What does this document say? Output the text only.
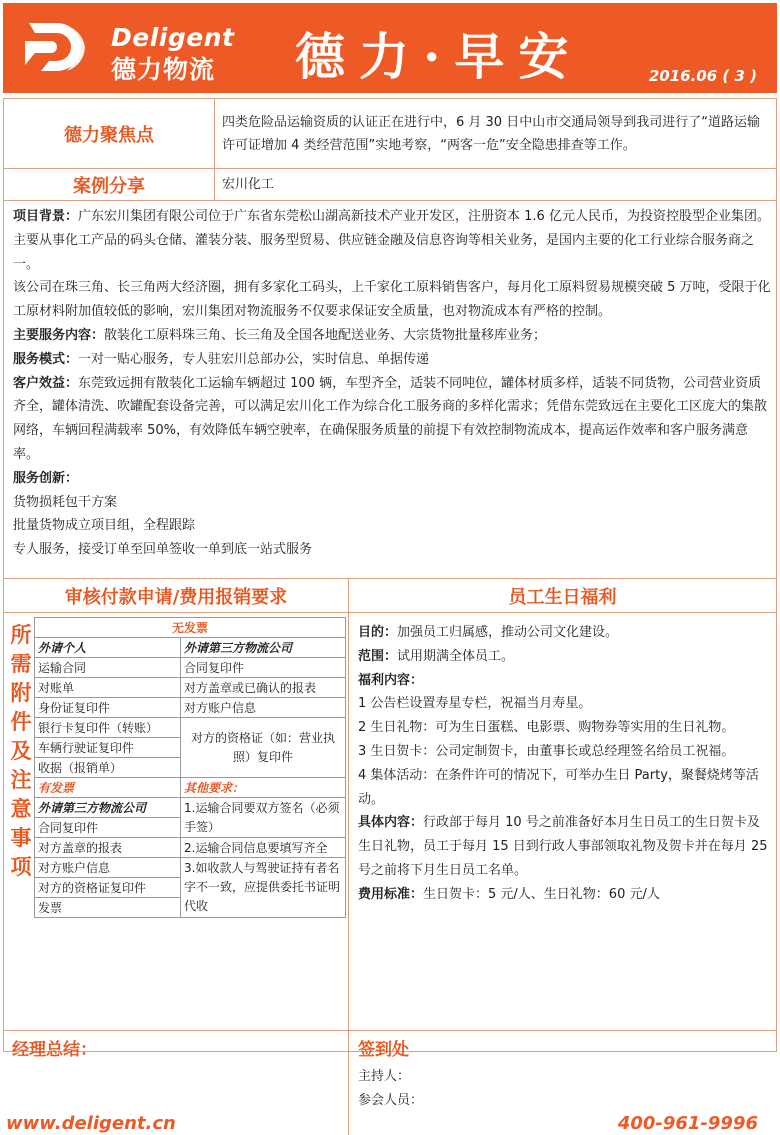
Deligent
德力物流 德力·早安	2016.06 ( 3 )
德力聚焦点
四类危险品运输资质的认证正在进行中，6 月 30 日中山市交通局领导到我司进行了“道路运输许可证增加 4 类经营范围”实地考察，“两客一危”安全隐患排查等工作。
案例分享	宏川化工

项目背景：广东宏川集团有限公司位于广东省东莞松山湖高新技术产业开发区，注册资本 1.6 亿元人民币，为投资控股型企业集团。主要从事化工产品的码头仓储、灌装分装、服务型贸易、供应链金融及信息咨询等相关业务，是国内主要的化工行业综合服务商之一。

该公司在珠三角、长三角两大经济圈，拥有多家化工码头，上千家化工原料销售客户，每月化工原料贸易规模突破 5 万吨，受限于化工原材料附加值较低的影响，宏川集团对物流服务不仅要求保证安全质量，也对物流成本有严格的控制。

主要服务内容：散装化工原料珠三角、长三角及全国各地配送业务、大宗货物批量移库业务；

服务模式：一对一贴心服务，专人驻宏川总部办公，实时信息、单据传递

客户效益：东莞致远拥有散装化工运输车辆超过 100 辆，车型齐全，适装不同吨位，罐体材质多样，适装不同货物，公司营业资质齐全，罐体清洗、吹罐配套设备完善，可以满足宏川化工作为综合化工服务商的多样化需求；凭借东莞致远在主要化工区庞大的集散网络，车辆回程满载率 50%，有效降低车辆空驶率，在确保服务质量的前提下有效控制物流成本，提高运作效率和客户服务满意率。

服务创新：

货物损耗包干方案

批量货物成立项目组，全程跟踪

专人服务，接受订单至回单签收一单到底一站式服务

审核付款申请/费用报销要求
所需附件及注意事项
无发票	
外请个人	外请第三方物流公司
运输合同	合同复印件
对账单	对方盖章或已确认的报表
身份证复印件	对方账户信息
银行卡复印件（转账）	对方的资格证（如：营业执照）复印件
车辆行驶证复印件	
收据（报销单）	
有发票	其他要求：
外请第三方物流公司	1.运输合同要双方签名（必须手签）
合同复印件	
对方盖章的报表	2.运输合同信息要填写齐全
对方账户信息	3.如收款人与驾驶证持有者名字不一致，应提供委托书证明代收
对方的资格证复印件	
发票	
员工生日福利
目的：加强员工归属感，推动公司文化建设。
范围：试用期满全体员工。
福利内容：
1 公告栏设置寿星专栏，祝福当月寿星。
2 生日礼物：可为生日蛋糕、电影票、购物券等实用的生日礼物。
3 生日贺卡：公司定制贺卡，由董事长或总经理签名给员工祝福。
4 集体活动：在条件许可的情况下，可举办生日 Party，聚餐烧烤等活动。
具体内容：行政部于每月 10 号之前准备好本月生日员工的生日贺卡及生日礼物，员工于每月 15 日到行政人事部领取礼物及贺卡并在每月 25 号之前将下月生日员工名单。
费用标准：生日贺卡：5 元/人、生日礼物：60 元/人
经理总结：	签到处
主持人：
参会人员：
www.deligent.cn	400-961-9996
